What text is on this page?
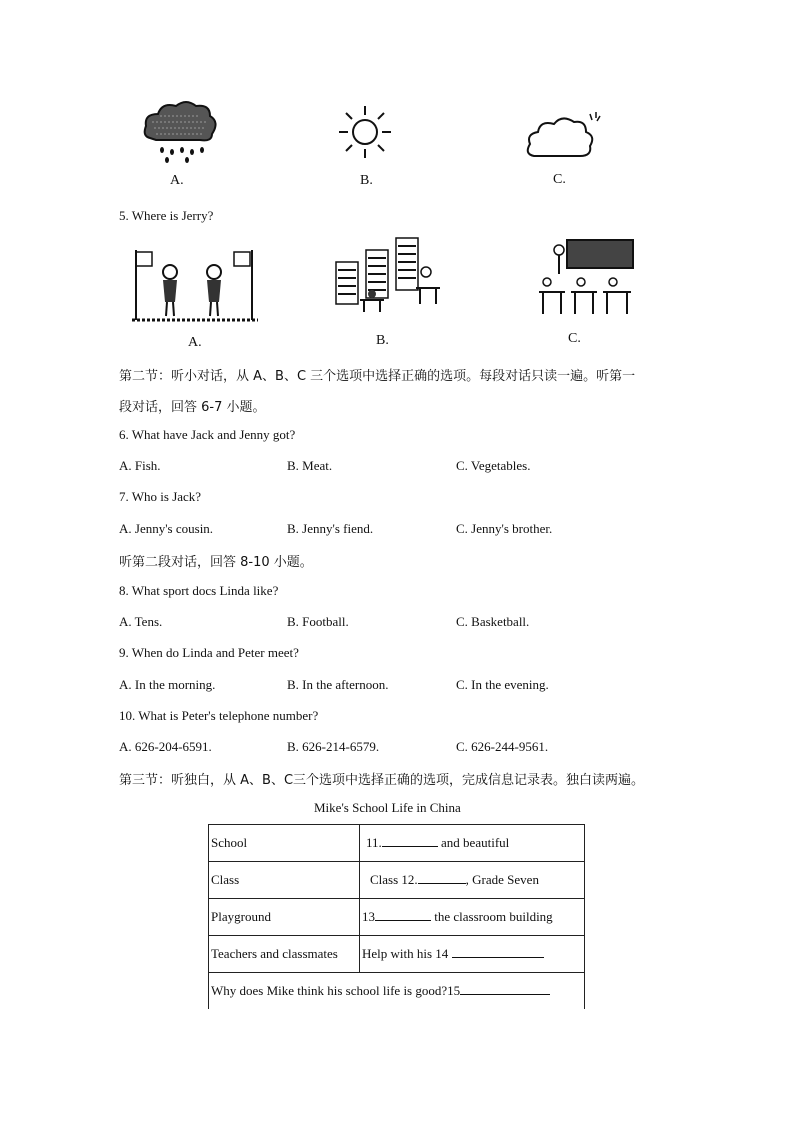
A.	B.	C.
5. Where is Jerry?
A.	B.	C.
第二节：听小对话，从 A、B、C 三个选项中选择正确的选项。每段对话只读一遍。听第一
段对话，回答 6-7 小题。
6. What have Jack and Jenny got?
A. Fish.	B. Meat.	C. Vegetables.
7. Who is Jack?
A. Jenny's cousin.	B. Jenny's fiend.	C. Jenny's brother.
听第二段对话，回答 8-10 小题。
8. What sport docs Linda like?
A. Tens.	B. Football.	C. Basketball.
9. When do Linda and Peter meet?
A. In the morning.	B. In the afternoon.	C. In the evening.
10. What is Peter's telephone number?
A. 626-204-6591.	B. 626-214-6579.	C. 626-244-9561.
第三节：听独白，从 A、B、C三个选项中选择正确的选项，完成信息记录表。独白读两遍。
Mike's School Life in China
School	11. and beautiful
Class	Class 12. , Grade Seven
Playground	13 the classroom building
Teachers and classmates	Help with his 14
Why does Mike think his school life is good?15	
